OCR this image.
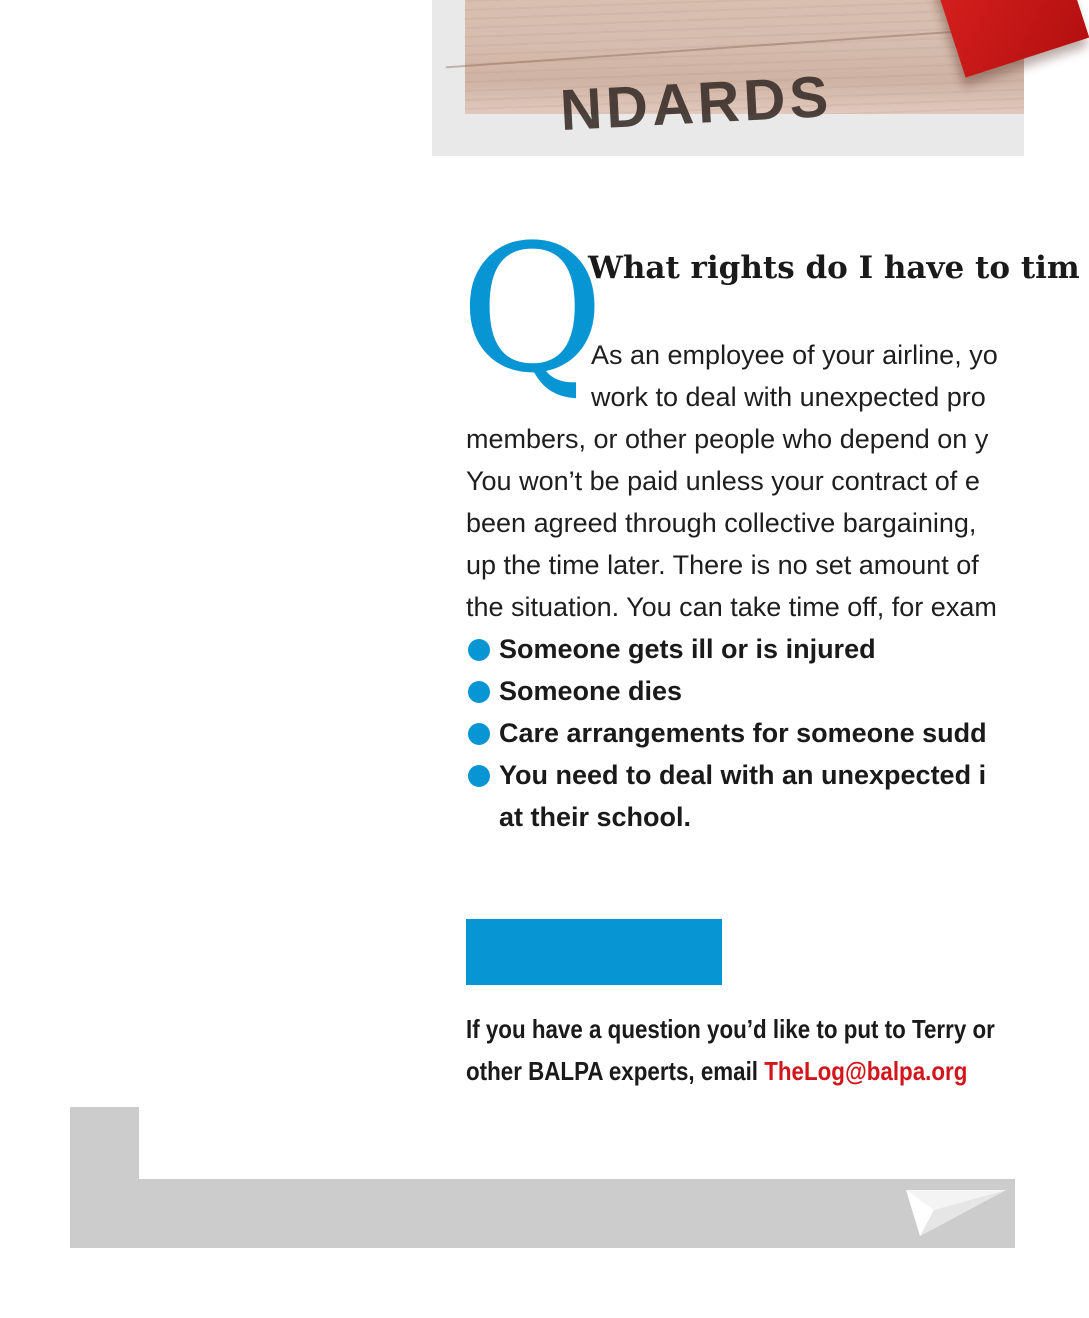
NDARDS
Q
What rights do I have to tim
As an employee of your airline, yo
work to deal with unexpected pro
members, or other people who depend on y
You won’t be paid unless your contract of e
been agreed through collective bargaining,
up the time later. There is no set amount of
the situation. You can take time off, for exam
Someone gets ill or is injured
Someone dies
Care arrangements for someone sudd
You need to deal with an unexpected i
at their school.
If you have a question you’d like to put to Terry or
other BALPA experts, email TheLog@balpa.org
